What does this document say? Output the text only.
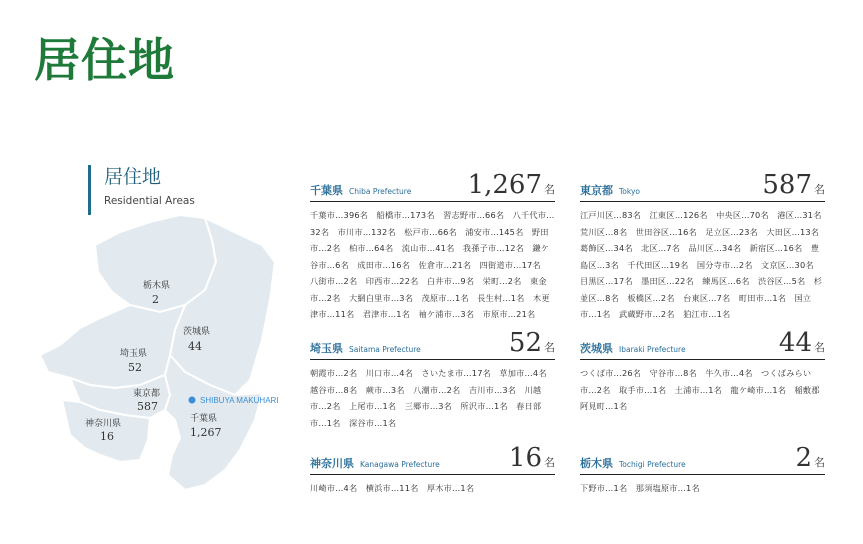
居住地
SHIBUYA MAKUHARI
栃木県
2
茨城県
44
埼玉県
52
東京都
587
神奈川県
16
千葉県
1,267
居住地
Residential Areas
千葉県 Chiba Prefecture 1,267 名
千葉市…396名　船橋市…173名　習志野市…66名　八千代市…32名　市川市…132名　松戸市…66名　浦安市…145名　野田市…2名　柏市…64名　流山市…41名　我孫子市…12名　鎌ケ谷市…6名　成田市…16名　佐倉市…21名　四街道市…17名　八街市…2名　印西市…22名　白井市…9名　栄町…2名　東金市…2名　大網白里市…3名　茂原市…1名　長生村…1名　木更津市…11名　君津市…1名　袖ケ浦市…3名　市原市…21名
東京都 Tokyo	587 名
江戸川区…83名　江東区…126名　中央区…70名　港区…31名　荒川区…8名　世田谷区…16名　足立区…23名　大田区…13名　葛飾区…34名　北区…7名　品川区…34名　新宿区…16名　豊島区…3名　千代田区…19名　国分寺市…2名　文京区…30名　目黒区…17名　墨田区…22名　練馬区…6名　渋谷区…5名　杉並区…8名　板橋区…2名　台東区…7名　町田市…1名　国立市…1名　武蔵野市…2名　狛江市…1名
埼玉県 Saitama Prefecture	52 名
朝霞市…2名　川口市…4名　さいたま市…17名　草加市…4名　越谷市…8名　蕨市…3名　八潮市…2名　吉川市…3名　川越市…2名　上尾市…1名　三郷市…3名　所沢市…1名　春日部市…1名　深谷市…1名
茨城県 Ibaraki Prefecture	44 名
つくば市…26名　守谷市…8名　牛久市…4名　つくばみらい市…2名　取手市…1名　土浦市…1名　龍ケ崎市…1名　稲敷郡阿見町…1名
神奈川県 Kanagawa Prefecture	16 名
川崎市…4名　横浜市…11名　厚木市…1名
栃木県 Tochigi Prefecture	2 名
下野市…1名　那須塩原市…1名
